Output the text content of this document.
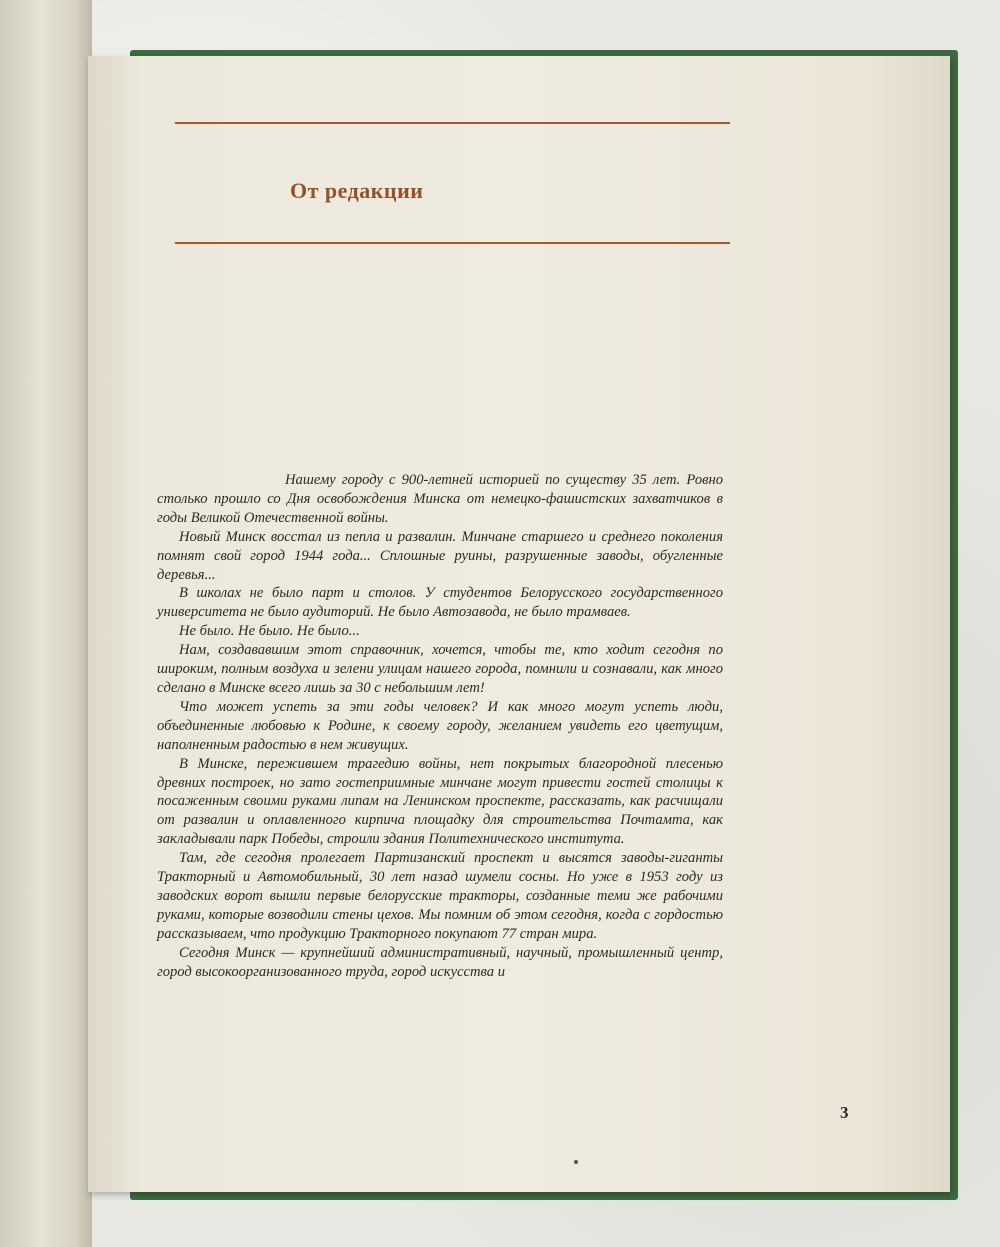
От редакции

Нашему городу с 900-летней историей по существу 35 лет. Ровно столько прошло со Дня освобождения Минска от немецко-фашистских захватчиков в годы Великой Отечественной войны.

Новый Минск восстал из пепла и развалин. Минчане старшего и среднего поколения помнят свой город 1944 года... Сплошные руины, разрушенные заводы, обугленные деревья...

В школах не было парт и столов. У студентов Белорусского государственного университета не было аудиторий. Не было Автозавода, не было трамваев.

Не было. Не было. Не было...

Нам, создававшим этот справочник, хочется, чтобы те, кто ходит сегодня по широким, полным воздуха и зелени улицам нашего города, помнили и сознавали, как много сделано в Минске всего лишь за 30 с небольшим лет!

Что может успеть за эти годы человек? И как много могут успеть люди, объединенные любовью к Родине, к своему городу, желанием увидеть его цветущим, наполненным радостью в нем живущих.

В Минске, пережившем трагедию войны, нет покрытых благородной плесенью древних построек, но зато гостеприимные минчане могут привести гостей столицы к посаженным своими руками липам на Ленинском проспекте, рассказать, как расчищали от развалин и оплавленного кирпича площадку для строительства Почтамта, как закладывали парк Победы, строили здания Политехнического института.

Там, где сегодня пролегает Партизанский проспект и высятся заводы-гиганты Тракторный и Автомобильный, 30 лет назад шумели сосны. Но уже в 1953 году из заводских ворот вышли первые белорусские тракторы, созданные теми же рабочими руками, которые возводили стены цехов. Мы помним об этом сегодня, когда с гордостью рассказываем, что продукцию Тракторного покупают 77 стран мира.

Сегодня Минск — крупнейший административный, научный, промышленный центр, город высокоорганизованного труда, город искусства и

3
